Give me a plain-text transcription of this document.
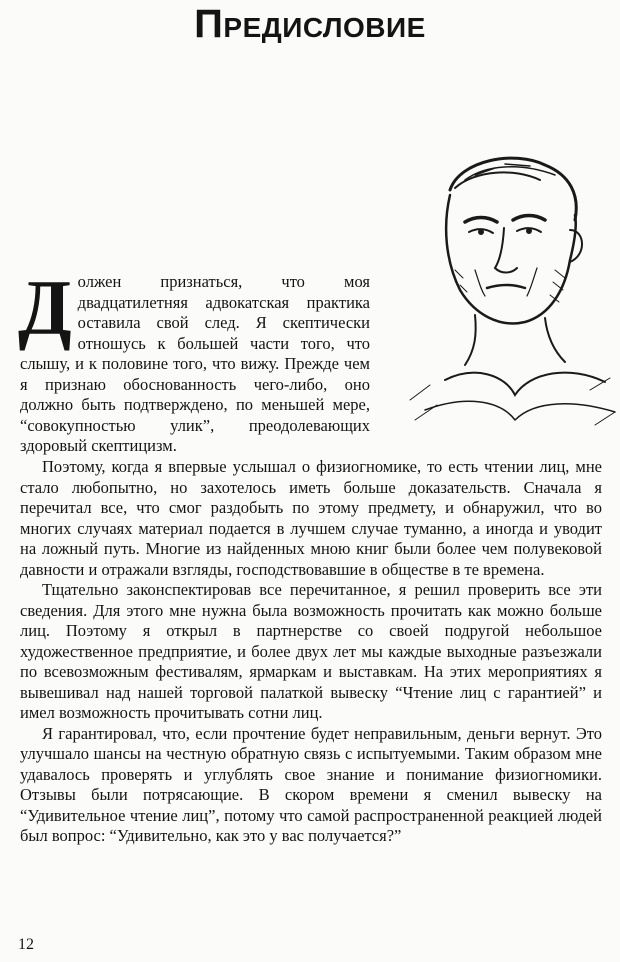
Предисловие
Должен признаться, что моя двадцатилетняя адвокатская практика оставила свой след. Я скептически отношусь к большей части того, что слышу, и к половине того, что вижу. Прежде чем я признаю обоснованность чего-либо, оно должно быть подтверждено, по меньшей мере, “совокупностью улик”, преодолевающих здоровый скептицизм.

Поэтому, когда я впервые услышал о физиогномике, то есть чтении лиц, мне стало любопытно, но захотелось иметь больше доказательств. Сначала я перечитал все, что смог раздобыть по этому предмету, и обнаружил, что во многих случаях материал подается в лучшем случае туманно, а иногда и уводит на ложный путь. Многие из найденных мною книг были более чем полувековой давности и отражали взгляды, господствовавшие в обществе в те времена.

Тщательно законспектировав все перечитанное, я решил проверить все эти сведения. Для этого мне нужна была возможность прочитать как можно больше лиц. Поэтому я открыл в партнерстве со своей подругой небольшое художественное предприятие, и более двух лет мы каждые выходные разъезжали по всевозможным фестивалям, ярмаркам и выставкам. На этих мероприятиях я вывешивал над нашей торговой палаткой вывеску “Чтение лиц с гарантией” и имел возможность прочитывать сотни лиц.

Я гарантировал, что, если прочтение будет неправильным, деньги вернут. Это улучшало шансы на честную обратную связь с испытуемыми. Таким образом мне удавалось проверять и углублять свое знание и понимание физиогномики. Отзывы были потрясающие. В скором времени я сменил вывеску на “Удивительное чтение лиц”, потому что самой распространенной реакцией людей был вопрос: “Удивительно, как это у вас получается?”

12
